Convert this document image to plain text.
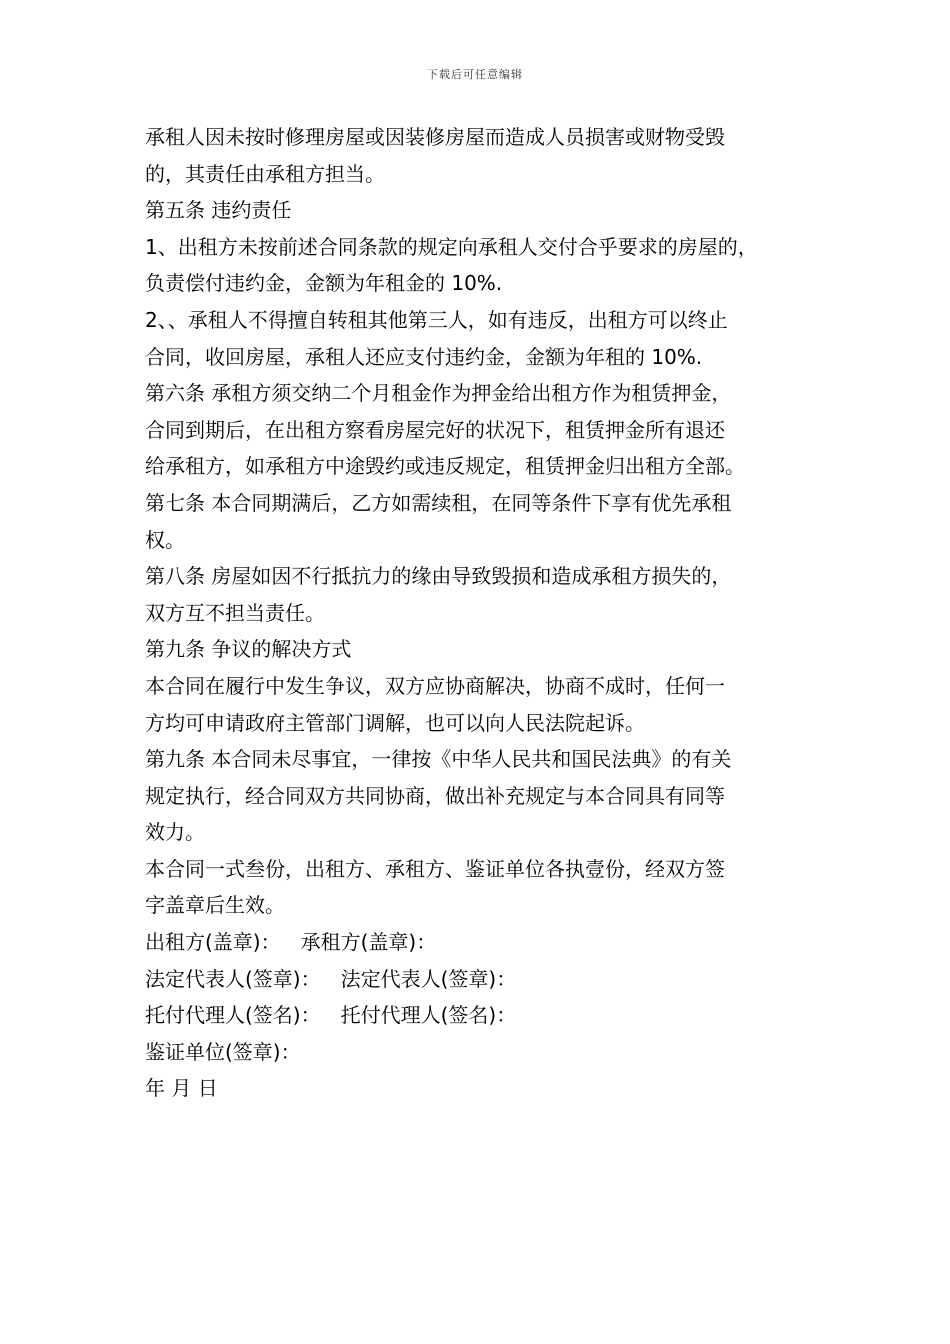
下载后可任意编辑
承租人因未按时修理房屋或因装修房屋而造成人员损害或财物受毁
的，其责任由承租方担当。
第五条 违约责任
1、出租方未按前述合同条款的规定向承租人交付合乎要求的房屋的，
负责偿付违约金，金额为年租金的 10%.
2、、承租人不得擅自转租其他第三人，如有违反，出租方可以终止
合同，收回房屋，承租人还应支付违约金，金额为年租的 10%.
第六条 承租方须交纳二个月租金作为押金给出租方作为租赁押金，
合同到期后，在出租方察看房屋完好的状况下，租赁押金所有退还
给承租方，如承租方中途毁约或违反规定，租赁押金归出租方全部。
第七条 本合同期满后，乙方如需续租，在同等条件下享有优先承租
权。
第八条 房屋如因不行抵抗力的缘由导致毁损和造成承租方损失的，
双方互不担当责任。
第九条 争议的解决方式
本合同在履行中发生争议，双方应协商解决，协商不成时，任何一
方均可申请政府主管部门调解，也可以向人民法院起诉。
第九条 本合同未尽事宜，一律按《中华人民共和国民法典》的有关
规定执行，经合同双方共同协商，做出补充规定与本合同具有同等
效力。
本合同一式叁份，出租方、承租方、鉴证单位各执壹份，经双方签
字盖章后生效。
出租方(盖章)： 承租方(盖章)：
法定代表人(签章)： 法定代表人(签章)：
托付代理人(签名)： 托付代理人(签名)：
鉴证单位(签章)：
年 月 日
